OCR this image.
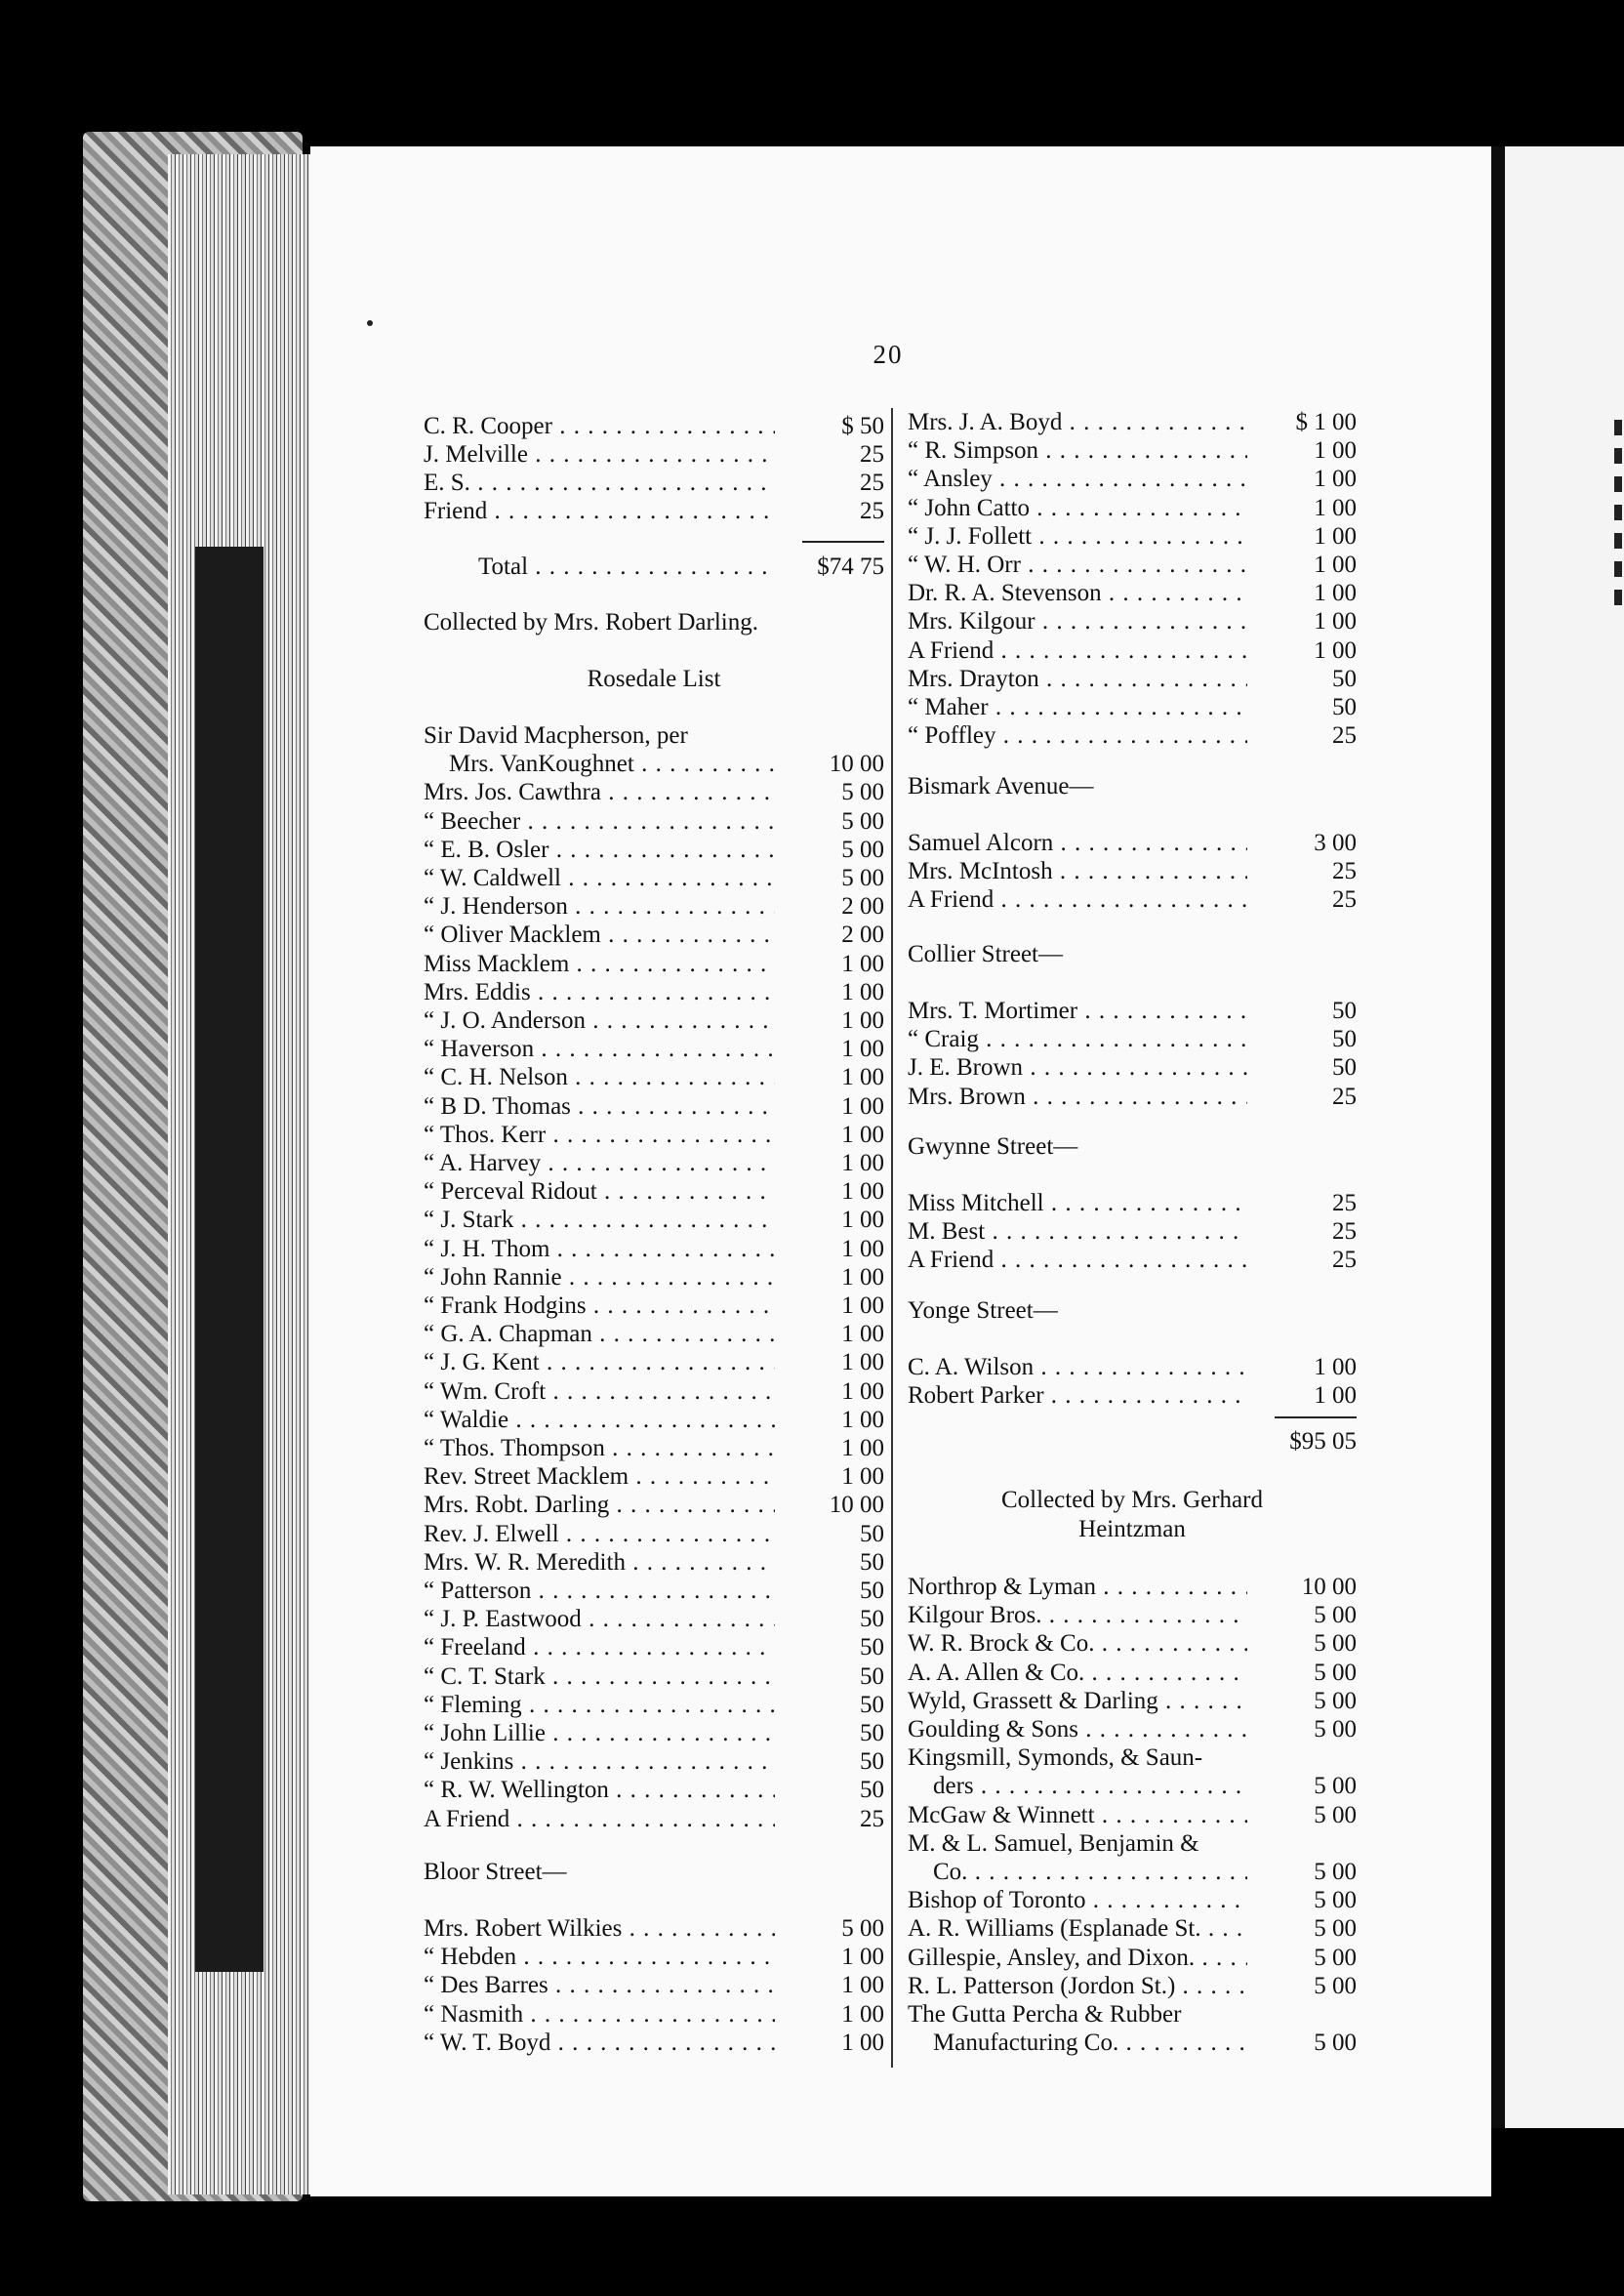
20
C. R. Cooper . . .	$ 50
J. Melville . . .	25
E. S. . . .	25
Friend . . .	25
Total . . .	$74 75
Collected by Mrs. Robert Darling.
Rosedale List
Sir David Macpherson, per
Mrs. VanKoughnet . . .	10 00
Mrs. Jos. Cawthra . . .	5 00
“ Beecher . . .	5 00
“ E. B. Osler . . .	5 00
“ W. Caldwell . . .	5 00
“ J. Henderson . . .	2 00
“ Oliver Macklem . . .	2 00
Miss Macklem . . .	1 00
Mrs. Eddis . . .	1 00
“ J. O. Anderson . . .	1 00
“ Haverson . . .	1 00
“ C. H. Nelson . . .	1 00
“ B D. Thomas . . .	1 00
“ Thos. Kerr . . .	1 00
“ A. Harvey . . .	1 00
“ Perceval Ridout . . .	1 00
“ J. Stark . . .	1 00
“ J. H. Thom . . .	1 00
“ John Rannie . . .	1 00
“ Frank Hodgins . . .	1 00
“ G. A. Chapman . . .	1 00
“ J. G. Kent . . .	1 00
“ Wm. Croft . . .	1 00
“ Waldie . . .	1 00
“ Thos. Thompson . . .	1 00
Rev. Street Macklem . . .	1 00
Mrs. Robt. Darling . . .	10 00
Rev. J. Elwell . . .	50
Mrs. W. R. Meredith . . .	50
“ Patterson . . .	50
“ J. P. Eastwood . . .	50
“ Freeland . . .	50
“ C. T. Stark . . .	50
“ Fleming . . .	50
“ John Lillie . . .	50
“ Jenkins . . .	50
“ R. W. Wellington . . .	50
A Friend . . .	25
Bloor Street—
Mrs. Robert Wilkies . . .	5 00
“ Hebden . . .	1 00
“ Des Barres . . .	1 00
“ Nasmith . . .	1 00
“ W. T. Boyd . . .	1 00
Mrs. J. A. Boyd . . .	$ 1 00
“ R. Simpson . . .	1 00
“ Ansley . . .	1 00
“ John Catto . . .	1 00
“ J. J. Follett . . .	1 00
“ W. H. Orr . . .	1 00
Dr. R. A. Stevenson . . .	1 00
Mrs. Kilgour . . .	1 00
A Friend . . .	1 00
Mrs. Drayton . . .	50
“ Maher . . .	50
“ Poffley . . .	25
Bismark Avenue—
Samuel Alcorn . . .	3 00
Mrs. McIntosh . . .	25
A Friend . . .	25
Collier Street—
Mrs. T. Mortimer . . .	50
“ Craig . . .	50
J. E. Brown . . .	50
Mrs. Brown . . .	25
Gwynne Street—
Miss Mitchell . . .	25
M. Best . . .	25
A Friend . . .	25
Yonge Street—
C. A. Wilson . . .	1 00
Robert Parker . . .	1 00
$95 05
Collected by Mrs. Gerhard
Heintzman
Northrop & Lyman . . .	10 00
Kilgour Bros. . . .	5 00
W. R. Brock & Co. . . .	5 00
A. A. Allen & Co. . . .	5 00
Wyld, Grassett & Darling . . .	5 00
Goulding & Sons . . .	5 00
Kingsmill, Symonds, & Saun-
ders . . .	5 00
McGaw & Winnett . . .	5 00
M. & L. Samuel, Benjamin &
Co. . . .	5 00
Bishop of Toronto . . .	5 00
A. R. Williams (Esplanade St. . . .	5 00
Gillespie, Ansley, and Dixon. . . .	5 00
R. L. Patterson (Jordon St.) . . .	5 00
The Gutta Percha & Rubber
Manufacturing Co. . . .	5 00
